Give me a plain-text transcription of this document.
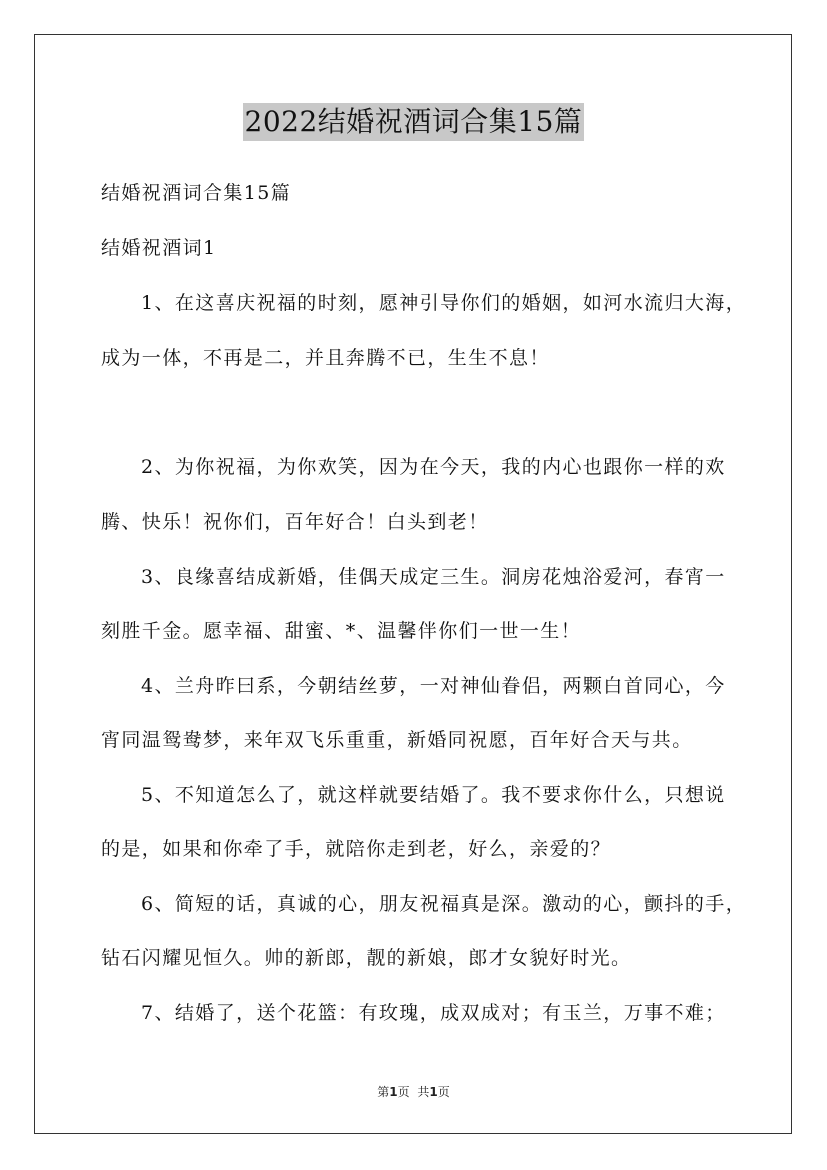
2022结婚祝酒词合集15篇
结婚祝酒词合集15篇
结婚祝酒词1
1、在这喜庆祝福的时刻，愿神引导你们的婚姻，如河水流归大海，
成为一体，不再是二，并且奔腾不已，生生不息！
2、为你祝福，为你欢笑，因为在今天，我的内心也跟你一样的欢
腾、快乐！祝你们，百年好合！白头到老！
3、良缘喜结成新婚，佳偶天成定三生。洞房花烛浴爱河，春宵一
刻胜千金。愿幸福、甜蜜、*、温馨伴你们一世一生！
4、兰舟昨曰系，今朝结丝萝，一对神仙眷侣，两颗白首同心，今
宵同温鸳鸯梦，来年双飞乐重重，新婚同祝愿，百年好合天与共。
5、不知道怎么了，就这样就要结婚了。我不要求你什么，只想说
的是，如果和你牵了手，就陪你走到老，好么，亲爱的？
6、简短的话，真诚的心，朋友祝福真是深。激动的心，颤抖的手，
钻石闪耀见恒久。帅的新郎，靓的新娘，郎才女貌好时光。
7、结婚了，送个花篮：有玫瑰，成双成对；有玉兰，万事不难；
第1页 共1页
